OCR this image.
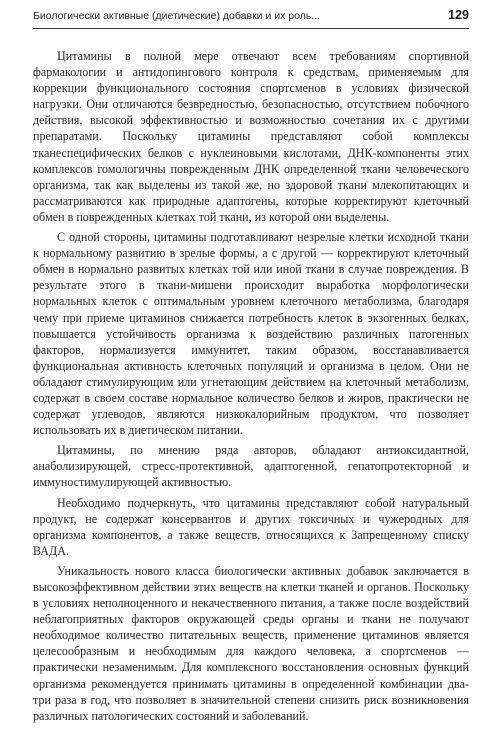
Биологически активные (диетические) добавки и их роль...	129

Цитамины в полной мере отвечают всем требованиям спортивной фармакологии и антидопингового контроля к средствам, применяемым для коррекции функционального состояния спортсменов в условиях физической нагрузки. Они отличаются безвредностью, безопасностью, отсутствием побочного действия, высокой эффективностью и возможностью сочетания их с другими препаратами. Поскольку цитамины представляют собой комплексы тканеспецифических белков с нуклеиновыми кислотами, ДНК-компоненты этих комплексов гомологичны поврежденным ДНК определенной ткани человеческого организма, так как выделены из такой же, но здоровой ткани млекопитающих и рассматриваются как природные адаптогены, которые корректируют клеточный обмен в поврежденных клетках той ткани, из которой они выделены.

С одной стороны, цитамины подготавливают незрелые клетки исходной ткани к нормальному развитию в зрелые формы, а с другой — корректируют клеточный обмен в нормально развитых клетках той или иной ткани в случае повреждения. В результате этого в ткани-мишени происходит выработка морфологически нормальных клеток с оптимальным уровнем клеточного метаболизма, благодаря чему при приеме цитаминов снижается потребность клеток в экзогенных белках, повышается устойчивость организма к воздействию различных патогенных факторов, нормализуется иммунитет, таким образом, восстанавливается функциональная активность клеточных популяций и организма в целом. Они не обладают стимулирующим или угнетающим действием на клеточный метаболизм, содержат в своем составе нормальное количество белков и жиров, практически не содержат углеводов, являются низкокалорийным продуктом, что позволяет использовать их в диетическом питании.

Цитамины, по мнению ряда авторов, обладают антиоксидантной, анаболизирующей, стресс-протективной, адаптогенной, гепатопротекторной и иммуностимулирующей активностью.

Необходимо подчеркнуть, что цитамины представляют собой натуральный продукт, не содержат консервантов и других токсичных и чужеродных для организма компонентов, а также веществ, относящихся к Запрещенному списку ВАДА.

Уникальность нового класса биологически активных добавок заключается в высокоэффективном действии этих веществ на клетки тканей и органов. Поскольку в условиях неполноценного и некачественного питания, а также после воздействий неблагоприятных факторов окружающей среды органы и ткани не получают необходимое количество питательных веществ, применение цитаминов является целесообразным и необходимым для каждого человека, а спортсменов — практически незаменимым. Для комплексного восстановления основных функций организма рекомендуется принимать цитамины в определенной комбинации два-три раза в год, что позволяет в значительной степени снизить риск возникновения различных патологических состояний и заболеваний.
